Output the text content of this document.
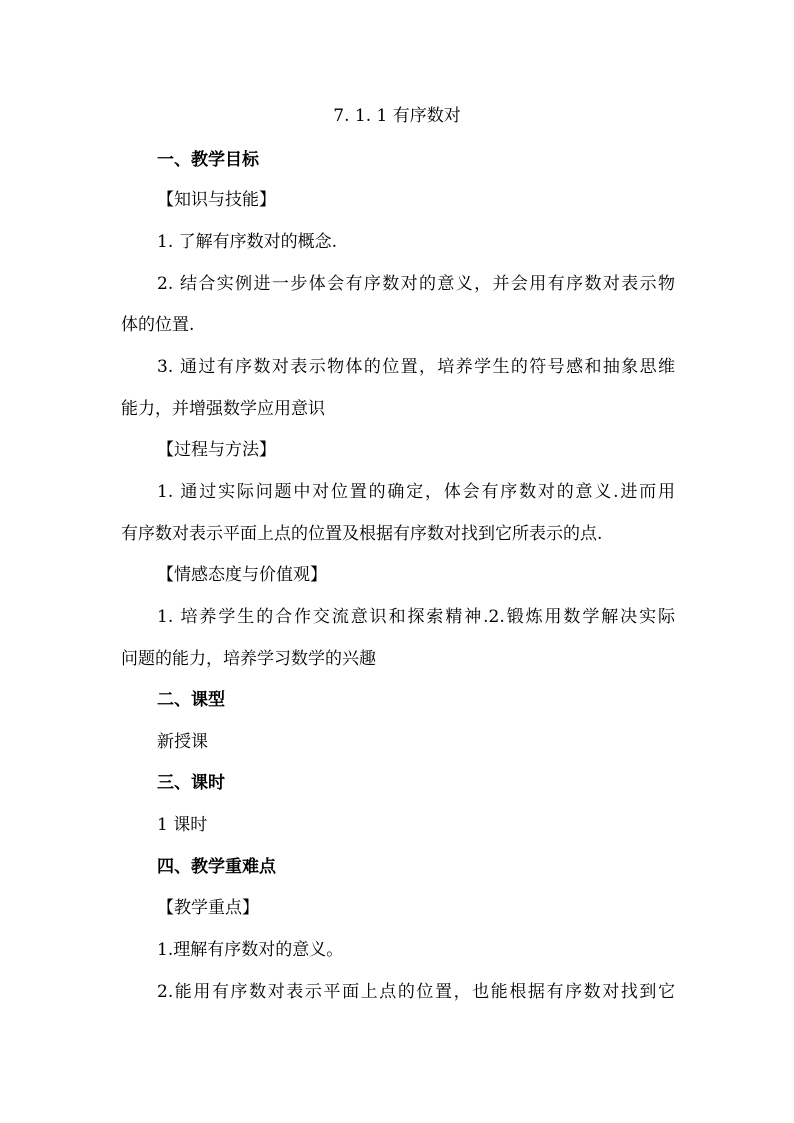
7. 1. 1 有序数对
一、教学目标
【知识与技能】
1. 了解有序数对的概念.
2. 结合实例进一步体会有序数对的意义，并会用有序数对表示物
体的位置.
3. 通过有序数对表示物体的位置，培养学生的符号感和抽象思维
能力，并增强数学应用意识
【过程与方法】
1. 通过实际问题中对位置的确定，体会有序数对的意义.进而用
有序数对表示平面上点的位置及根据有序数对找到它所表示的点.
【情感态度与价值观】
1. 培养学生的合作交流意识和探索精神.2.锻炼用数学解决实际
问题的能力，培养学习数学的兴趣
二、课型
新授课
三、课时
1 课时
四、教学重难点
【教学重点】
1.理解有序数对的意义。
2.能用有序数对表示平面上点的位置，也能根据有序数对找到它
